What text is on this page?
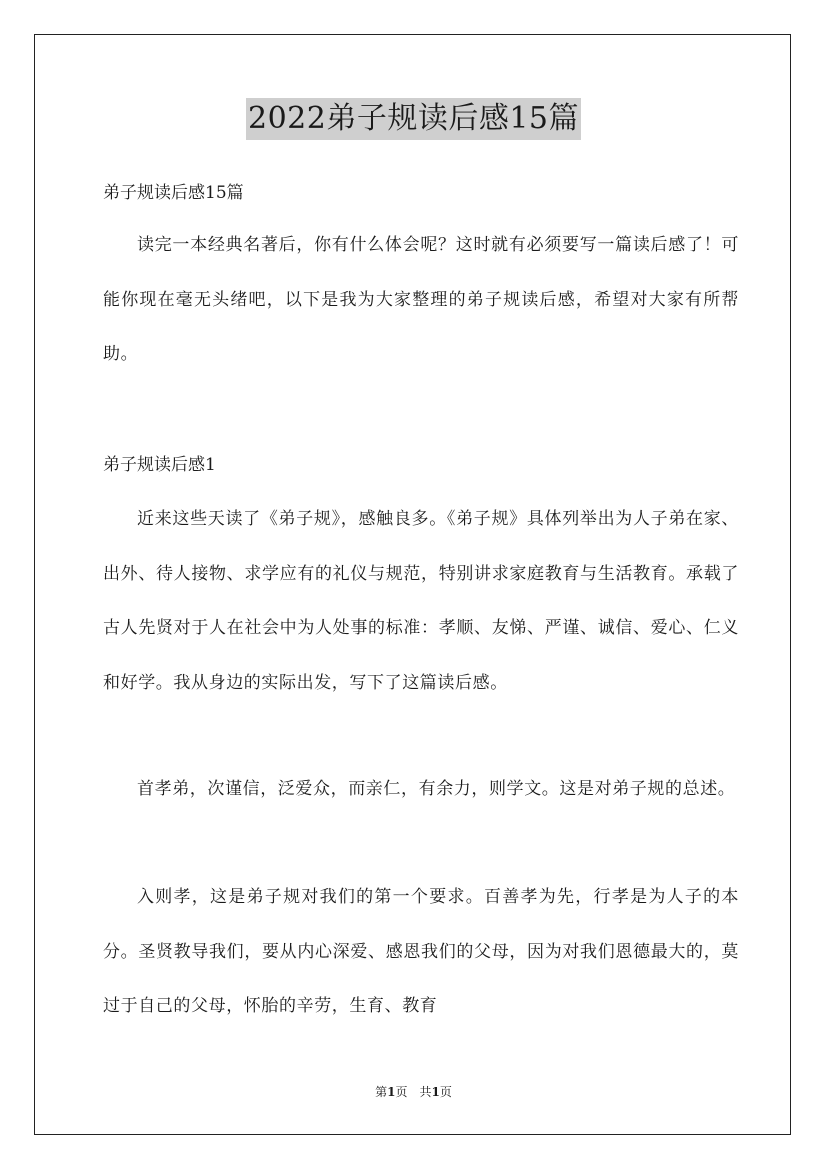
2022弟子规读后感15篇
弟子规读后感15篇

读完一本经典名著后，你有什么体会呢？这时就有必须要写一篇读后感了！可能你现在毫无头绪吧，以下是我为大家整理的弟子规读后感，希望对大家有所帮助。

弟子规读后感1

近来这些天读了《弟子规》，感触良多。《弟子规》具体列举出为人子弟在家、出外、待人接物、求学应有的礼仪与规范，特别讲求家庭教育与生活教育。承载了古人先贤对于人在社会中为人处事的标准：孝顺、友悌、严谨、诚信、爱心、仁义和好学。我从身边的实际出发，写下了这篇读后感。

首孝弟，次谨信，泛爱众，而亲仁，有余力，则学文。这是对弟子规的总述。

入则孝，这是弟子规对我们的第一个要求。百善孝为先，行孝是为人子的本分。圣贤教导我们，要从内心深爱、感恩我们的父母，因为对我们恩德最大的，莫过于自己的父母，怀胎的辛劳，生育、教育

第1页　共1页
